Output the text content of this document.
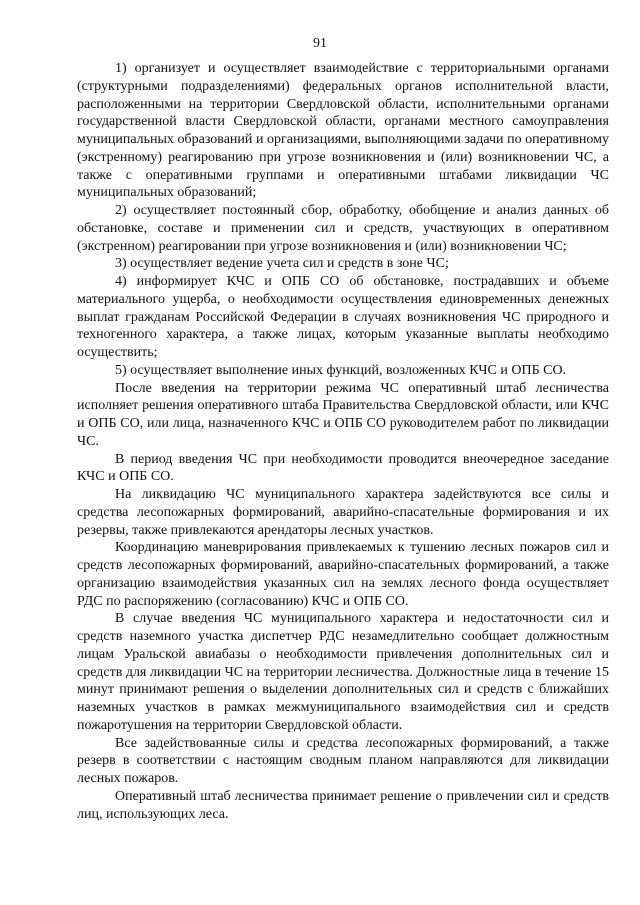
91

1) организует и осуществляет взаимодействие с территориальными органами (структурными подразделениями) федеральных органов исполнительной власти, расположенными на территории Свердловской области, исполнительными органами государственной власти Свердловской области, органами местного самоуправления муниципальных образований и организациями, выполняющими задачи по оперативному (экстренному) реагированию при угрозе возникновения и (или) возникновении ЧС, а также с оперативными группами и оперативными штабами ликвидации ЧС муниципальных образований;

2) осуществляет постоянный сбор, обработку, обобщение и анализ данных об обстановке, составе и применении сил и средств, участвующих в оперативном (экстренном) реагировании при угрозе возникновения и (или) возникновении ЧС;

3) осуществляет ведение учета сил и средств в зоне ЧС;

4) информирует КЧС и ОПБ СО об обстановке, пострадавших и объеме материального ущерба, о необходимости осуществления единовременных денежных выплат гражданам Российской Федерации в случаях возникновения ЧС природного и техногенного характера, а также лицах, которым указанные выплаты необходимо осуществить;

5) осуществляет выполнение иных функций, возложенных КЧС и ОПБ СО.

После введения на территории режима ЧС оперативный штаб лесничества исполняет решения оперативного штаба Правительства Свердловской области, или КЧС и ОПБ СО, или лица, назначенного КЧС и ОПБ СО руководителем работ по ликвидации ЧС.

В период введения ЧС при необходимости проводится внеочередное заседание КЧС и ОПБ СО.

На ликвидацию ЧС муниципального характера задействуются все силы и средства лесопожарных формирований, аварийно-спасательные формирования и их резервы, также привлекаются арендаторы лесных участков.

Координацию маневрирования привлекаемых к тушению лесных пожаров сил и средств лесопожарных формирований, аварийно-спасательных формирований, а также организацию взаимодействия указанных сил на землях лесного фонда осуществляет РДС по распоряжению (согласованию) КЧС и ОПБ СО.

В случае введения ЧС муниципального характера и недостаточности сил и средств наземного участка диспетчер РДС незамедлительно сообщает должностным лицам Уральской авиабазы о необходимости привлечения дополнительных сил и средств для ликвидации ЧС на территории лесничества. Должностные лица в течение 15 минут принимают решения о выделении дополнительных сил и средств с ближайших наземных участков в рамках межмуниципального взаимодействия сил и средств пожаротушения на территории Свердловской области.

Все задействованные силы и средства лесопожарных формирований, а также резерв в соответствии с настоящим сводным планом направляются для ликвидации лесных пожаров.

Оперативный штаб лесничества принимает решение о привлечении сил и средств лиц, использующих леса.
